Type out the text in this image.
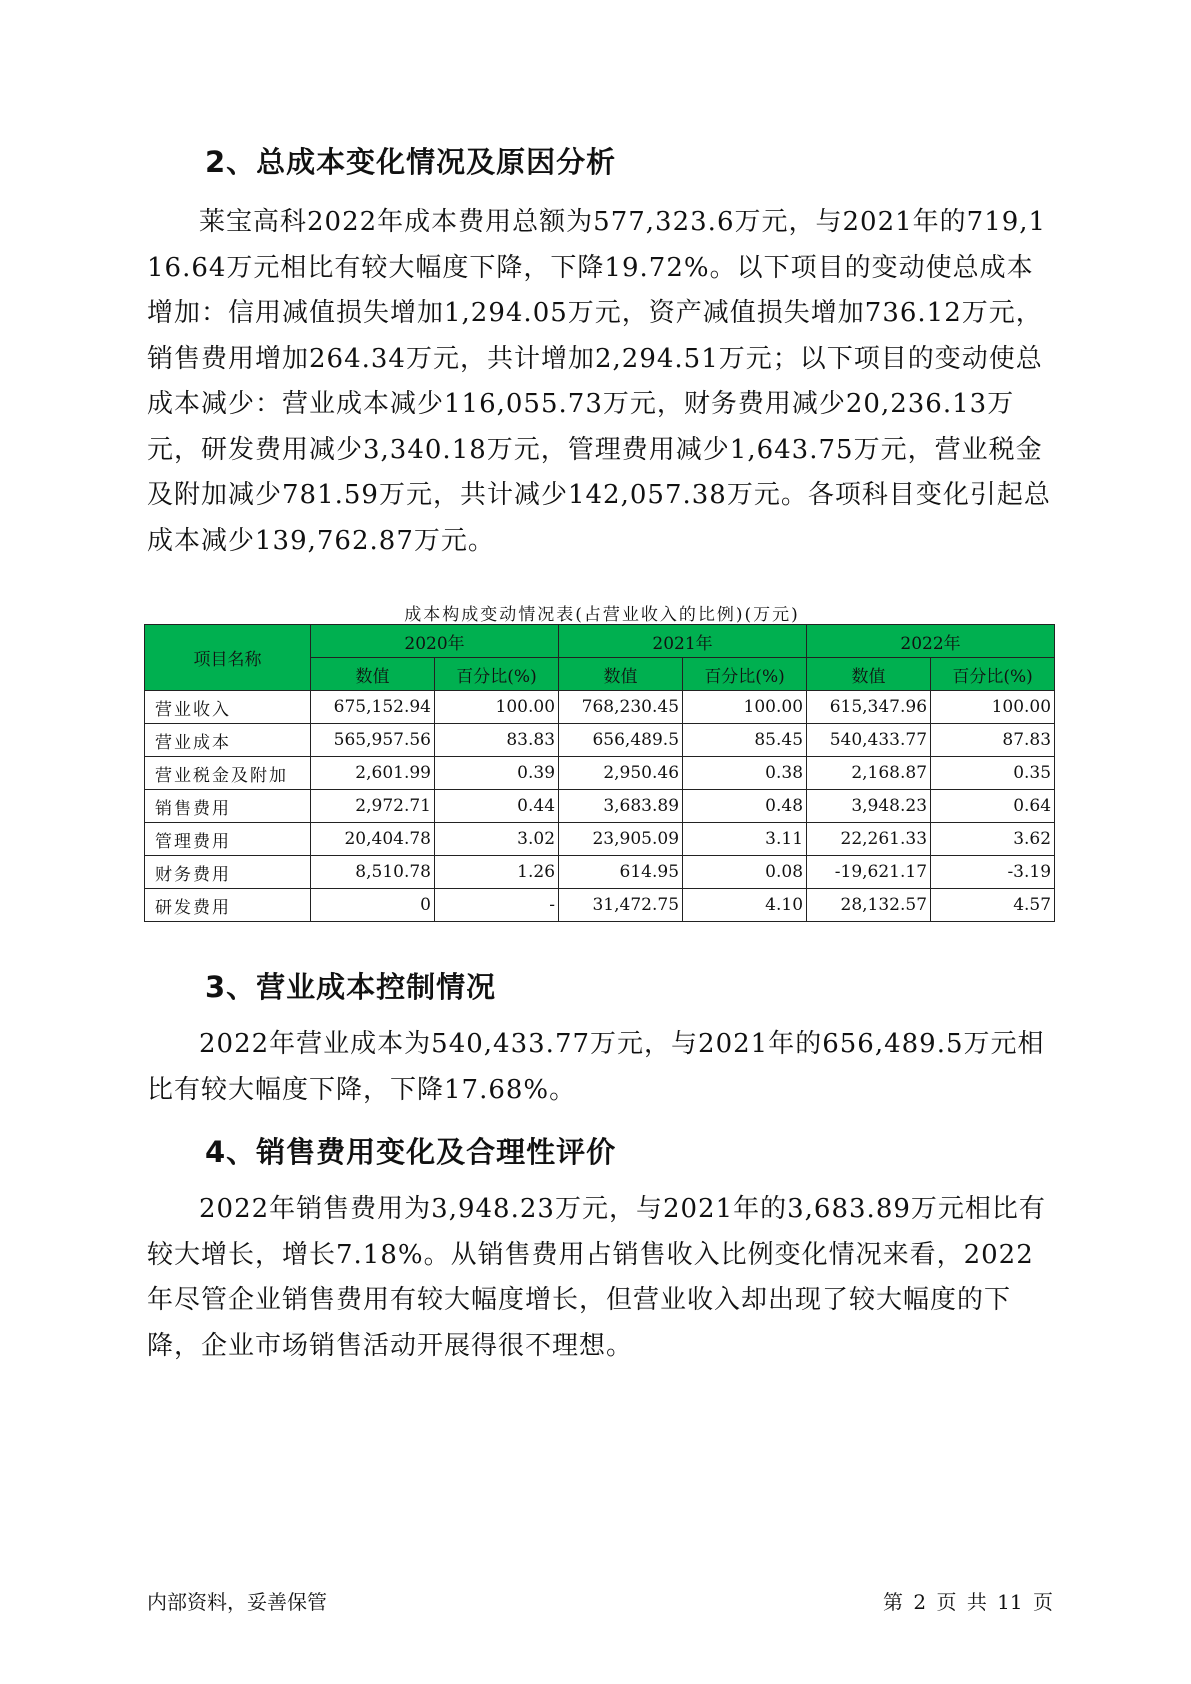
2、总成本变化情况及原因分析

莱宝高科2022年成本费用总额为577,323.6万元，与2021年的719,116.64万元相比有较大幅度下降，下降19.72%。以下项目的变动使总成本增加：信用减值损失增加1,294.05万元，资产减值损失增加736.12万元，销售费用增加264.34万元，共计增加2,294.51万元；以下项目的变动使总成本减少：营业成本减少116,055.73万元，财务费用减少20,236.13万元，研发费用减少3,340.18万元，管理费用减少1,643.75万元，营业税金及附加减少781.59万元，共计减少142,057.38万元。各项科目变化引起总成本减少139,762.87万元。

成本构成变动情况表(占营业收入的比例)(万元)
项目名称	2020年		2021年		2022年	
	数值	百分比(%)	数值	百分比(%)	数值	百分比(%)
营业收入	675,152.94	100.00	768,230.45	100.00	615,347.96	100.00
营业成本	565,957.56	83.83	656,489.5	85.45	540,433.77	87.83
营业税金及附加	2,601.99	0.39	2,950.46	0.38	2,168.87	0.35
销售费用	2,972.71	0.44	3,683.89	0.48	3,948.23	0.64
管理费用	20,404.78	3.02	23,905.09	3.11	22,261.33	3.62
财务费用	8,510.78	1.26	614.95	0.08	-19,621.17	-3.19
研发费用	0	-	31,472.75	4.10	28,132.57	4.57
3、营业成本控制情况

2022年营业成本为540,433.77万元，与2021年的656,489.5万元相比有较大幅度下降，下降17.68%。

4、销售费用变化及合理性评价

2022年销售费用为3,948.23万元，与2021年的3,683.89万元相比有较大增长，增长7.18%。从销售费用占销售收入比例变化情况来看，2022年尽管企业销售费用有较大幅度增长，但营业收入却出现了较大幅度的下降，企业市场销售活动开展得很不理想。

内部资料，妥善保管	第 2 页 共 11 页
